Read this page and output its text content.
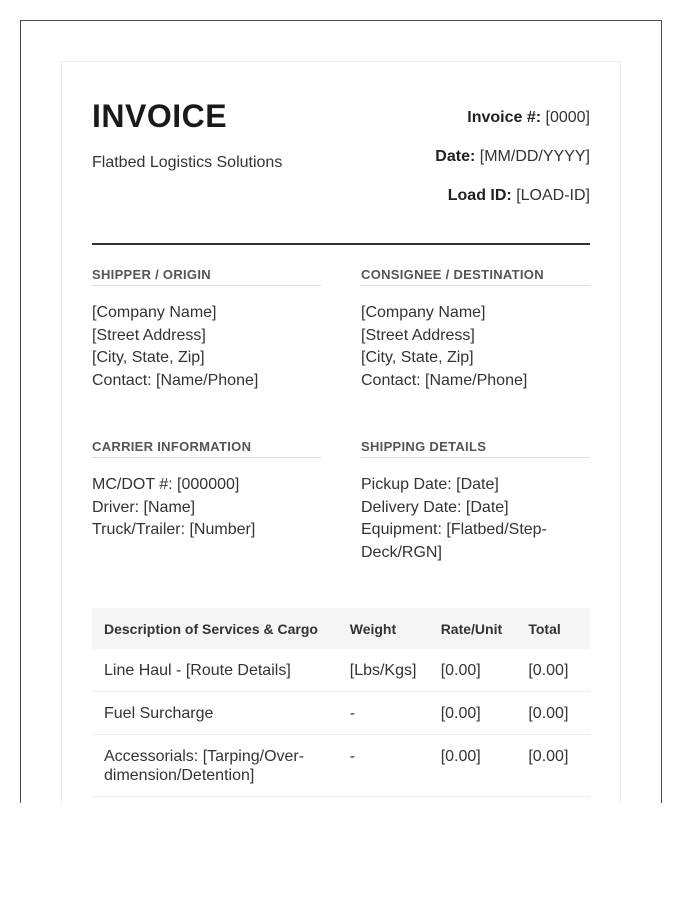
INVOICE
Flatbed Logistics Solutions
Invoice #: [0000]
Date: [MM/DD/YYYY]
Load ID: [LOAD-ID]
SHIPPER / ORIGIN
[Company Name]
[Street Address]
[City, State, Zip]
Contact: [Name/Phone]
CONSIGNEE / DESTINATION
[Company Name]
[Street Address]
[City, State, Zip]
Contact: [Name/Phone]
CARRIER INFORMATION
MC/DOT #: [000000]
Driver: [Name]
Truck/Trailer: [Number]
SHIPPING DETAILS
Pickup Date: [Date]
Delivery Date: [Date]
Equipment: [Flatbed/Step-Deck/RGN]
Description of Services & Cargo	Weight	Rate/Unit	Total
Line Haul - [Route Details]	[Lbs/Kgs]	[0.00]	[0.00]
Fuel Surcharge	-	[0.00]	[0.00]
Accessorials: [Tarping/Over-dimension/Detention]	-	[0.00]	[0.00]
